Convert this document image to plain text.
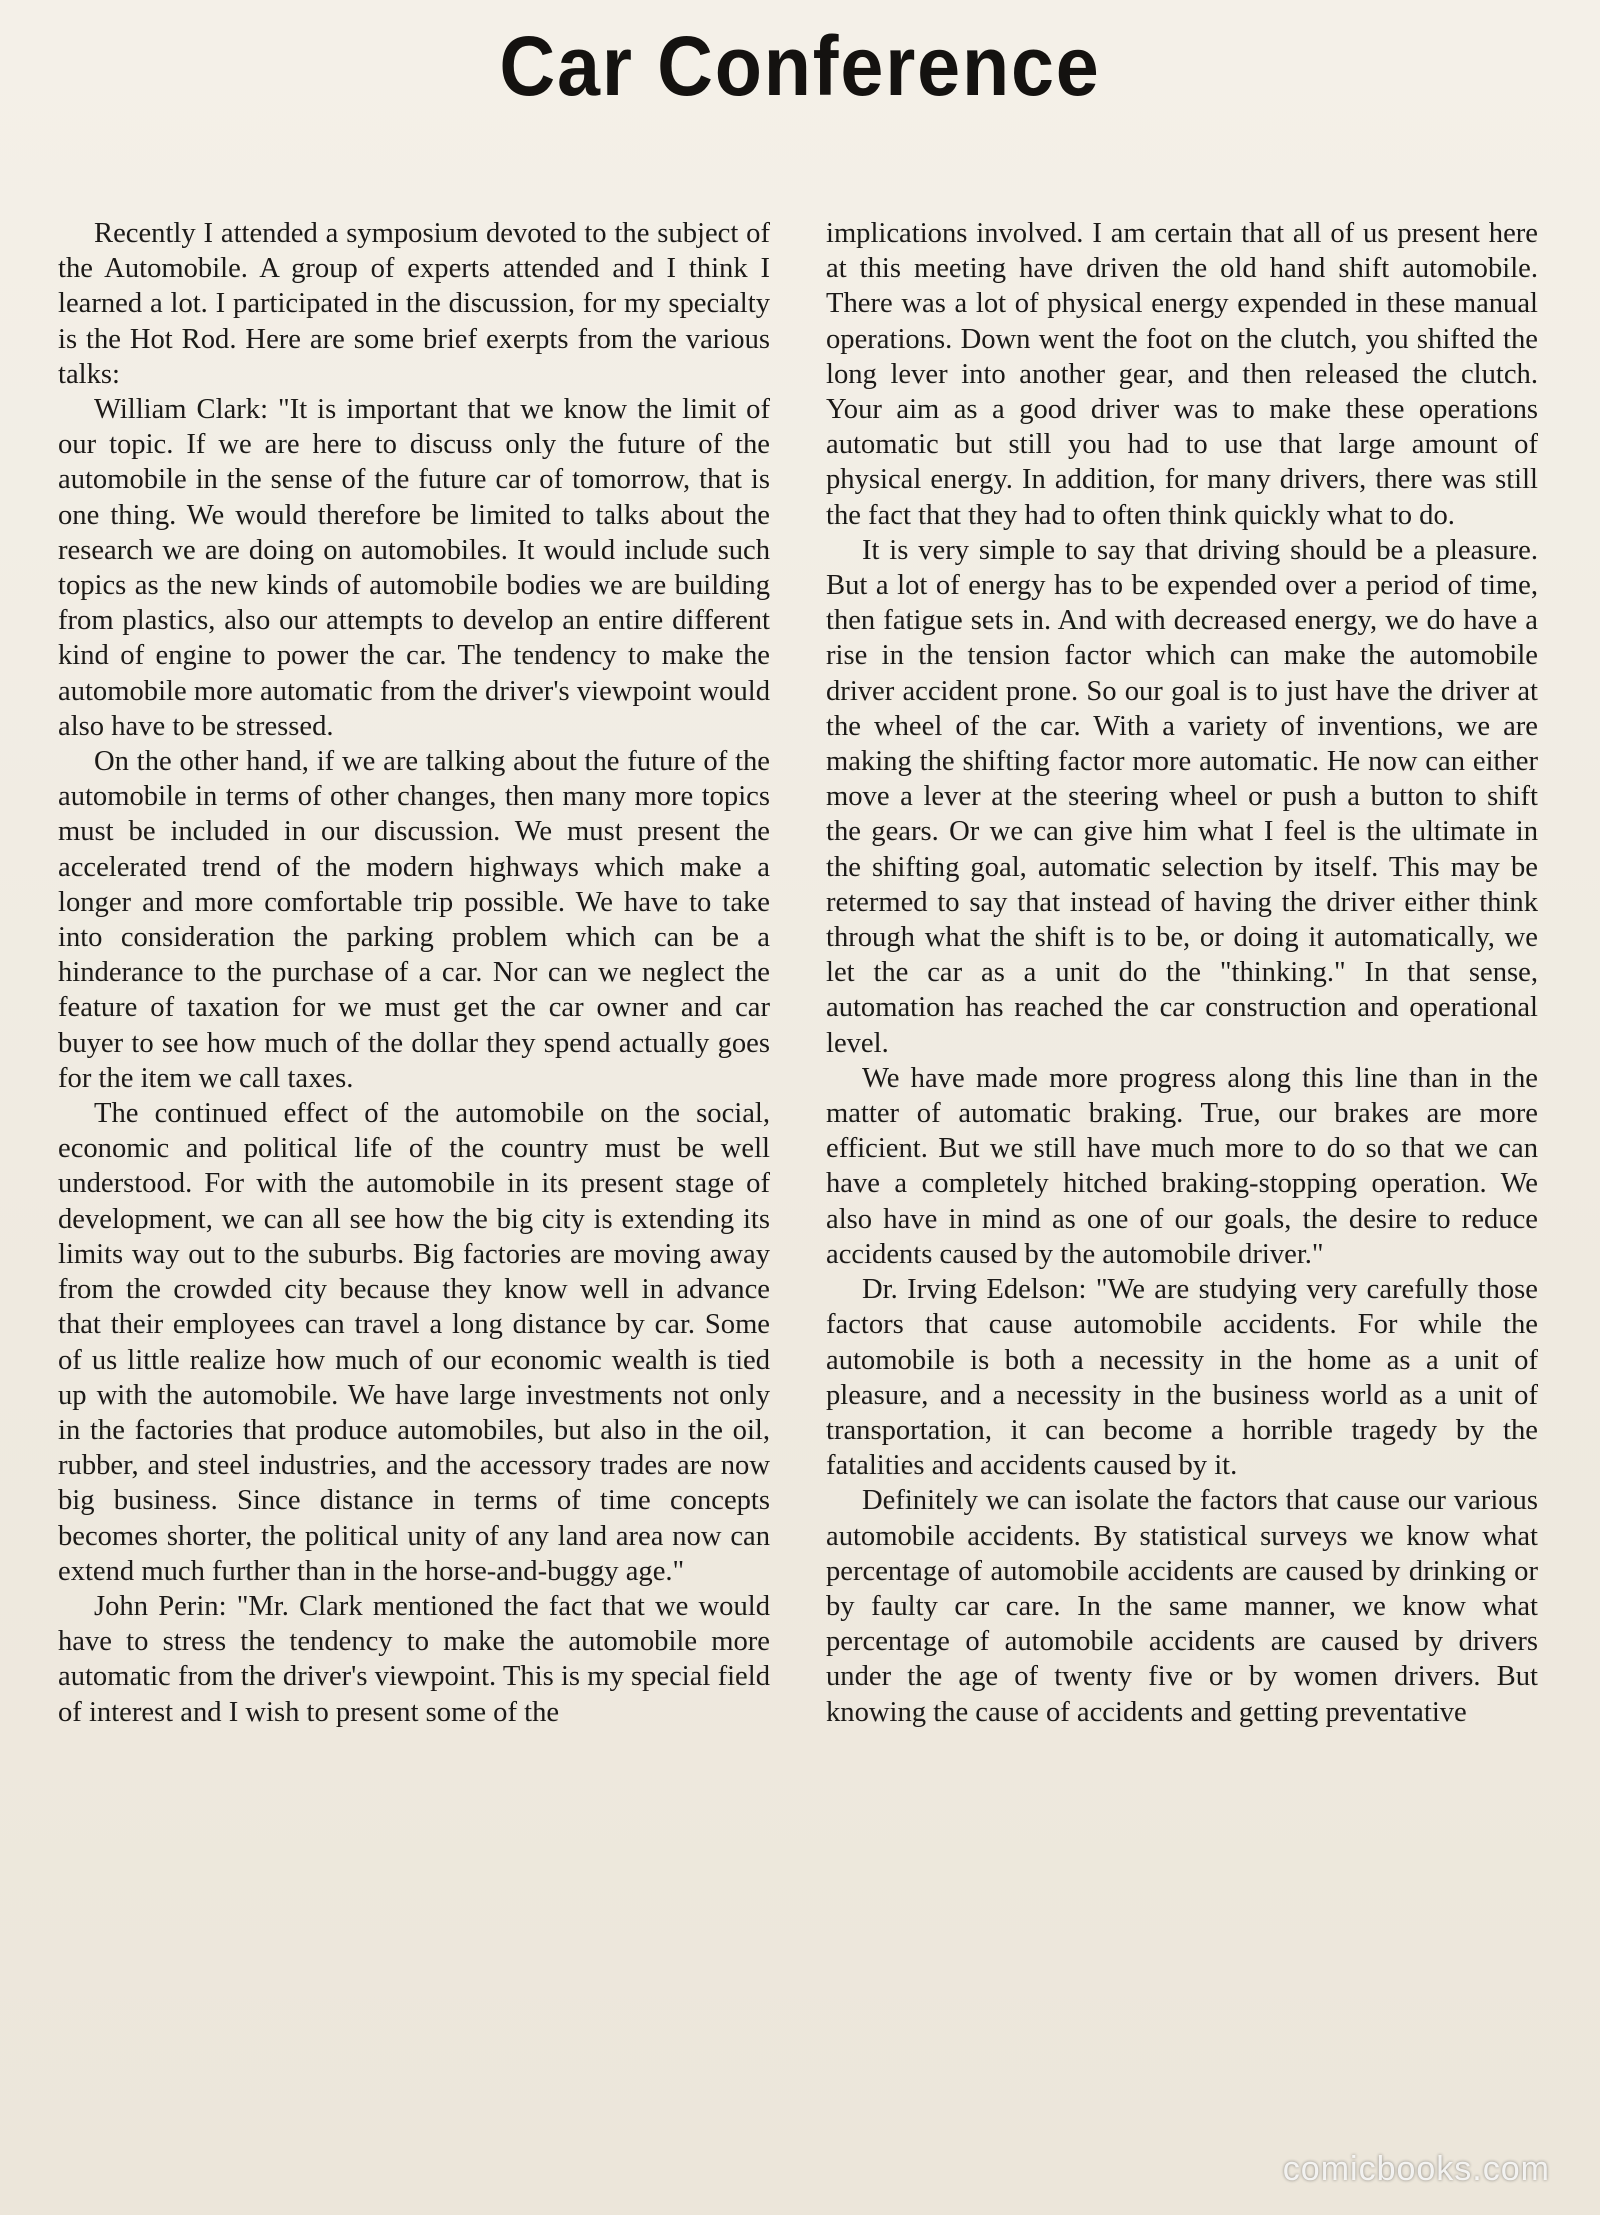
Car Conference

Recently I attended a symposium devoted to the subject of the Automobile. A group of experts attended and I think I learned a lot. I participated in the discussion, for my specialty is the Hot Rod. Here are some brief exerpts from the various talks:

William Clark: "It is important that we know the limit of our topic. If we are here to discuss only the future of the automobile in the sense of the future car of tomorrow, that is one thing. We would therefore be limited to talks about the research we are doing on automobiles. It would include such topics as the new kinds of automobile bodies we are building from plastics, also our attempts to develop an entire different kind of engine to power the car. The tendency to make the automobile more automatic from the driver's viewpoint would also have to be stressed.

On the other hand, if we are talking about the future of the automobile in terms of other changes, then many more topics must be included in our discussion. We must present the accelerated trend of the modern highways which make a longer and more comfortable trip possible. We have to take into consideration the parking problem which can be a hinderance to the purchase of a car. Nor can we neglect the feature of taxation for we must get the car owner and car buyer to see how much of the dollar they spend actually goes for the item we call taxes.

The continued effect of the automobile on the social, economic and political life of the country must be well understood. For with the automobile in its present stage of development, we can all see how the big city is extending its limits way out to the suburbs. Big factories are moving away from the crowded city because they know well in advance that their employees can travel a long distance by car. Some of us little realize how much of our economic wealth is tied up with the automobile. We have large investments not only in the factories that produce automobiles, but also in the oil, rubber, and steel industries, and the accessory trades are now big business. Since distance in terms of time concepts becomes shorter, the political unity of any land area now can extend much further than in the horse-and-buggy age."

John Perin: "Mr. Clark mentioned the fact that we would have to stress the tendency to make the automobile more automatic from the driver's viewpoint. This is my special field of interest and I wish to present some of the

implications involved. I am certain that all of us present here at this meeting have driven the old hand shift automobile. There was a lot of physical energy expended in these manual operations. Down went the foot on the clutch, you shifted the long lever into another gear, and then released the clutch. Your aim as a good driver was to make these operations automatic but still you had to use that large amount of physical energy. In addition, for many drivers, there was still the fact that they had to often think quickly what to do.

It is very simple to say that driving should be a pleasure. But a lot of energy has to be expended over a period of time, then fatigue sets in. And with decreased energy, we do have a rise in the tension factor which can make the automobile driver accident prone. So our goal is to just have the driver at the wheel of the car. With a variety of inventions, we are making the shifting factor more automatic. He now can either move a lever at the steering wheel or push a button to shift the gears. Or we can give him what I feel is the ultimate in the shifting goal, automatic selection by itself. This may be retermed to say that instead of having the driver either think through what the shift is to be, or doing it automatically, we let the car as a unit do the "thinking." In that sense, automation has reached the car construction and operational level.

We have made more progress along this line than in the matter of automatic braking. True, our brakes are more efficient. But we still have much more to do so that we can have a completely hitched braking-stopping operation. We also have in mind as one of our goals, the desire to reduce accidents caused by the automobile driver."

Dr. Irving Edelson: "We are studying very carefully those factors that cause automobile accidents. For while the automobile is both a necessity in the home as a unit of pleasure, and a necessity in the business world as a unit of transportation, it can become a horrible tragedy by the fatalities and accidents caused by it.

Definitely we can isolate the factors that cause our various automobile accidents. By statistical surveys we know what percentage of automobile accidents are caused by drinking or by faulty car care. In the same manner, we know what percentage of automobile accidents are caused by drivers under the age of twenty five or by women drivers. But knowing the cause of accidents and getting preventative

comicbooks.com
